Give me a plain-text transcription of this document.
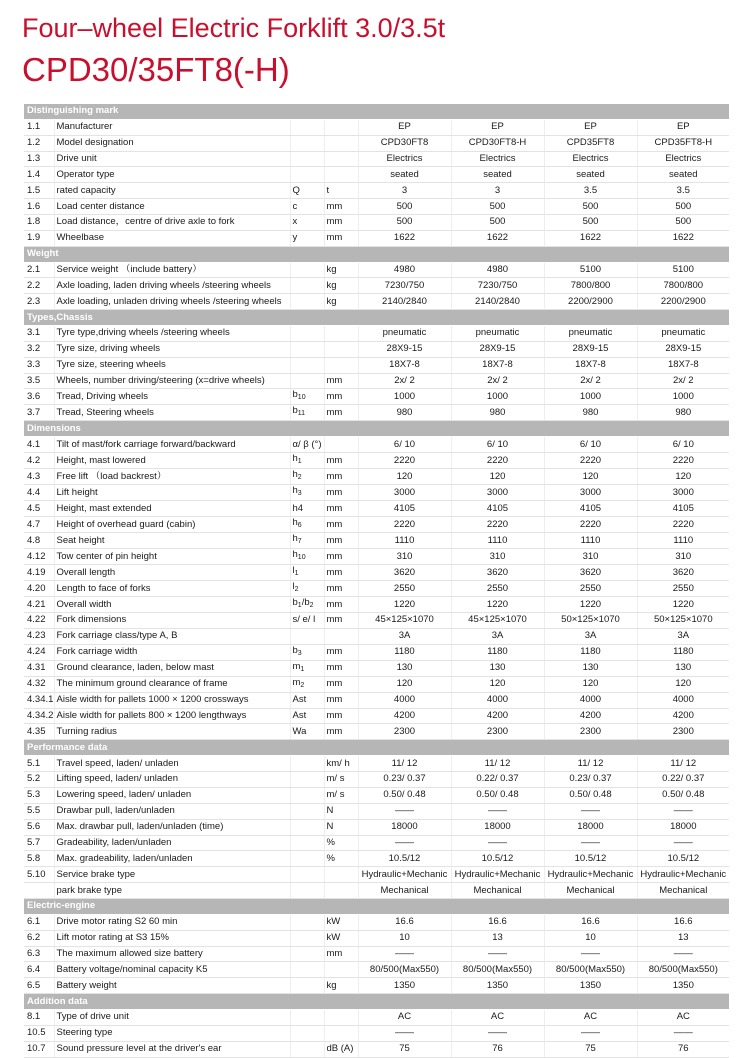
Four–wheel Electric Forklift 3.0/3.5t
CPD30/35FT8(-H)
Distinguishing mark							
1.1	Manufacturer			EP	EP	EP	EP
1.2	Model designation			CPD30FT8	CPD30FT8-H	CPD35FT8	CPD35FT8-H
1.3	Drive unit			Electrics	Electrics	Electrics	Electrics
1.4	Operator type			seated	seated	seated	seated
1.5	rated capacity	Q	t	3	3	3.5	3.5
1.6	Load center distance	c	mm	500	500	500	500
1.8	Load distance，centre of drive axle to fork	x	mm	500	500	500	500
1.9	Wheelbase	y	mm	1622	1622	1622	1622
Weight							
2.1	Service weight （include battery）		kg	4980	4980	5100	5100
2.2	Axle loading, laden driving wheels /steering wheels		kg	7230/750	7230/750	7800/800	7800/800
2.3	Axle loading, unladen driving wheels /steering wheels		kg	2140/2840	2140/2840	2200/2900	2200/2900
Types,Chassis							
3.1	Tyre type,driving wheels /steering wheels			pneumatic	pneumatic	pneumatic	pneumatic
3.2	Tyre size, driving wheels			28X9-15	28X9-15	28X9-15	28X9-15
3.3	Tyre size, steering wheels			18X7-8	18X7-8	18X7-8	18X7-8
3.5	Wheels, number driving/steering (x=drive wheels)		mm	2x/ 2	2x/ 2	2x/ 2	2x/ 2
3.6	Tread, Driving wheels	$b_{10}$	mm	1000	1000	1000	1000
3.7	Tread, Steering wheels	$b_{11}$	mm	980	980	980	980
Dimensions							
4.1	Tilt of mast/fork carriage forward/backward	α/ β (°)		6/ 10	6/ 10	6/ 10	6/ 10
4.2	Height, mast lowered	$h_1$	mm	2220	2220	2220	2220
4.3	Free lift （load backrest）	$h_2$	mm	120	120	120	120
4.4	Lift height	$h_3$	mm	3000	3000	3000	3000
4.5	Height, mast extended	h4	mm	4105	4105	4105	4105
4.7	Height of overhead guard (cabin)	$h_6$	mm	2220	2220	2220	2220
4.8	Seat height	$h_7$	mm	1110	1110	1110	1110
4.12	Tow center of pin height	$h_{10}$	mm	310	310	310	310
4.19	Overall length	$l_1$	mm	3620	3620	3620	3620
4.20	Length to face of forks	$l_2$	mm	2550	2550	2550	2550
4.21	Overall width	$b_1/b_2$	mm	1220	1220	1220	1220
4.22	Fork dimensions	s/ e/ l	mm	45×125×1070	45×125×1070	50×125×1070	50×125×1070
4.23	Fork carriage class/type A, B			3A	3A	3A	3A
4.24	Fork carriage width	$b_3$	mm	1180	1180	1180	1180
4.31	Ground clearance, laden, below mast	$m_1$	mm	130	130	130	130
4.32	The minimum ground clearance of frame	$m_2$	mm	120	120	120	120
4.34.1	Aisle width for pallets 1000 × 1200 crossways	Ast	mm	4000	4000	4000	4000
4.34.2	Aisle width for pallets 800 × 1200 lengthways	Ast	mm	4200	4200	4200	4200
4.35	Turning radius	Wa	mm	2300	2300	2300	2300
Performance data							
5.1	Travel speed, laden/ unladen		km/ h	11/ 12	11/ 12	11/ 12	11/ 12
5.2	Lifting speed, laden/ unladen		m/ s	0.23/ 0.37	0.22/ 0.37	0.23/ 0.37	0.22/ 0.37
5.3	Lowering speed, laden/ unladen		m/ s	0.50/ 0.48	0.50/ 0.48	0.50/ 0.48	0.50/ 0.48
5.5	Drawbar pull, laden/unladen		N	——	——	——	——
5.6	Max. drawbar pull, laden/unladen (time)		N	18000	18000	18000	18000
5.7	Gradeability, laden/unladen		%	——	——	——	——
5.8	Max. gradeability, laden/unladen		%	10.5/12	10.5/12	10.5/12	10.5/12
5.10	Service brake type			Hydraulic+Mechanic	Hydraulic+Mechanic	Hydraulic+Mechanic	Hydraulic+Mechanic
	park brake type			Mechanical	Mechanical	Mechanical	Mechanical
Electric-engine							
6.1	Drive motor rating S2 60 min		kW	16.6	16.6	16.6	16.6
6.2	Lift motor rating at S3 15%		kW	10	13	10	13
6.3	The maximum allowed size battery		mm	——	——	——	——
6.4	Battery voltage/nominal capacity K5			80/500(Max550)	80/500(Max550)	80/500(Max550)	80/500(Max550)
6.5	Battery weight		kg	1350	1350	1350	1350
Addition data							
8.1	Type of drive unit			AC	AC	AC	AC
10.5	Steering type			——	——	——	——
10.7	Sound pressure level at the driver's ear		dB (A)	75	76	75	76
